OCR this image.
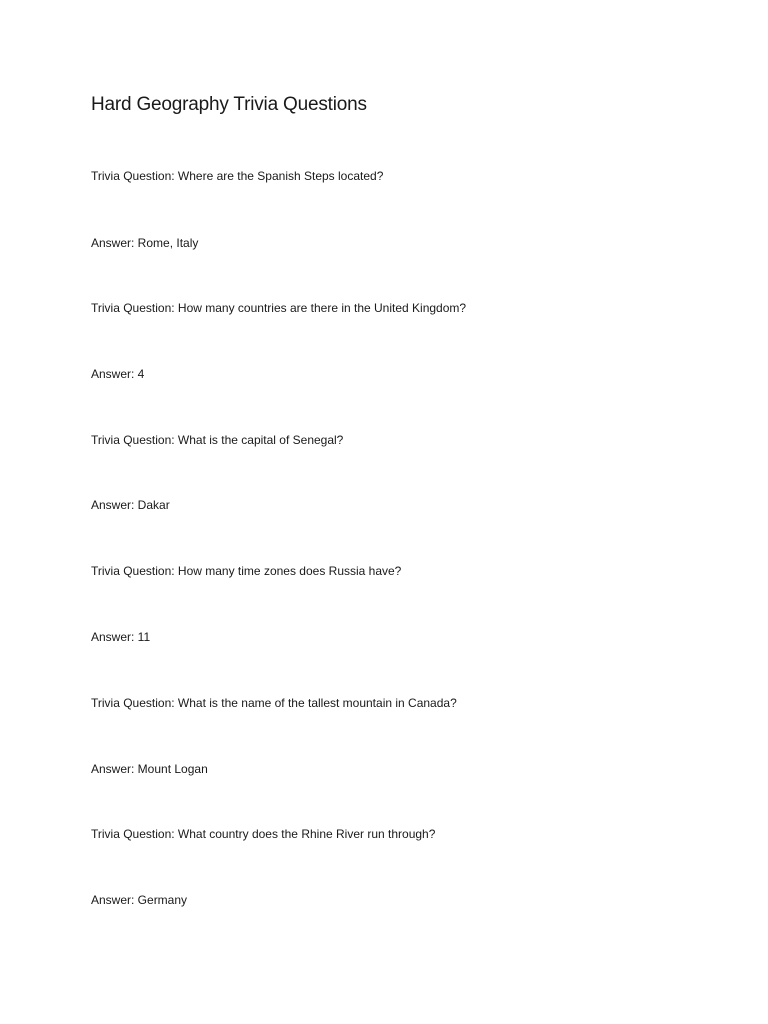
Hard Geography Trivia Questions

Trivia Question: Where are the Spanish Steps located?

Answer: Rome, Italy

Trivia Question: How many countries are there in the United Kingdom?

Answer: 4

Trivia Question: What is the capital of Senegal?

Answer: Dakar

Trivia Question: How many time zones does Russia have?

Answer: 11

Trivia Question: What is the name of the tallest mountain in Canada?

Answer: Mount Logan

Trivia Question: What country does the Rhine River run through?

Answer: Germany
